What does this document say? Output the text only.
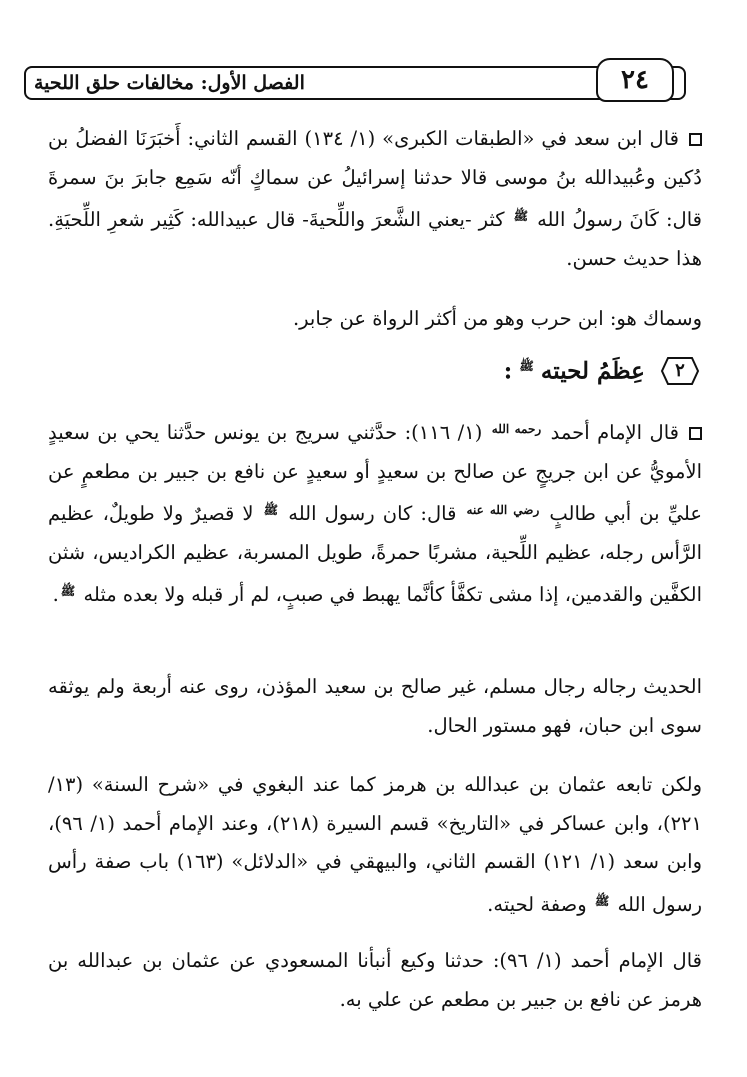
الفصل الأول: مخالفات حلق اللحية	٢٤

قال ابن سعد في «الطبقات الكبرى» (١/ ١٣٤) القسم الثاني: أَخبَرَنَا الفضلُ بن دُكين وعُبيدالله بنُ موسى قالا حدثنا إسرائيلُ عن سماكٍ أنّه سَمِع جابرَ بنَ سمرةَ قال: كَانَ رسولُ الله $^ﷺ$ كثر -يعني الشَّعرَ واللِّحيةَ- قال عبيدالله: كَثِير شعرِ اللِّحيَةِ. هذا حديث حسن.

وسماك هو: ابن حرب وهو من أكثر الرواة عن جابر.

٢
عِظَمُ لحيته $^ﷺ$ :

قال الإمام أحمد $^{رحمه الله}$ (١/ ١١٦): حدَّثني سريج بن يونس حدَّثنا يحي بن سعيدٍ الأمويُّ عن ابن جريجٍ عن صالح بن سعيدٍ أو سعيدٍ عن نافع بن جبير بن مطعمٍ عن عليِّ بن أبي طالبٍ $^{رضي الله عنه}$ قال: كان رسول الله $^ﷺ$ لا قصيرٌ ولا طويلٌ، عظيم الرَّأس رجله، عظيم اللِّحية، مشربًا حمرةً، طويل المسربة، عظيم الكراديس، شثن الكفَّين والقدمين، إذا مشى تكفَّأ كأنَّما يهبط في صببٍ، لم أر قبله ولا بعده مثله $^ﷺ$.

الحديث رجاله رجال مسلم، غير صالح بن سعيد المؤذن، روى عنه أربعة ولم يوثقه سوى ابن حبان، فهو مستور الحال.

ولكن تابعه عثمان بن عبدالله بن هرمز كما عند البغوي في «شرح السنة» (١٣/ ٢٢١)، وابن عساكر في «التاريخ» قسم السيرة (٢١٨)، وعند الإمام أحمد (١/ ٩٦)، وابن سعد (١/ ١٢١) القسم الثاني، والبيهقي في «الدلائل» (١٦٣) باب صفة رأس رسول الله $^ﷺ$ وصفة لحيته.

قال الإمام أحمد (١/ ٩٦): حدثنا وكيع أنبأنا المسعودي عن عثمان بن عبدالله بن هرمز عن نافع بن جبير بن مطعم عن علي به.
